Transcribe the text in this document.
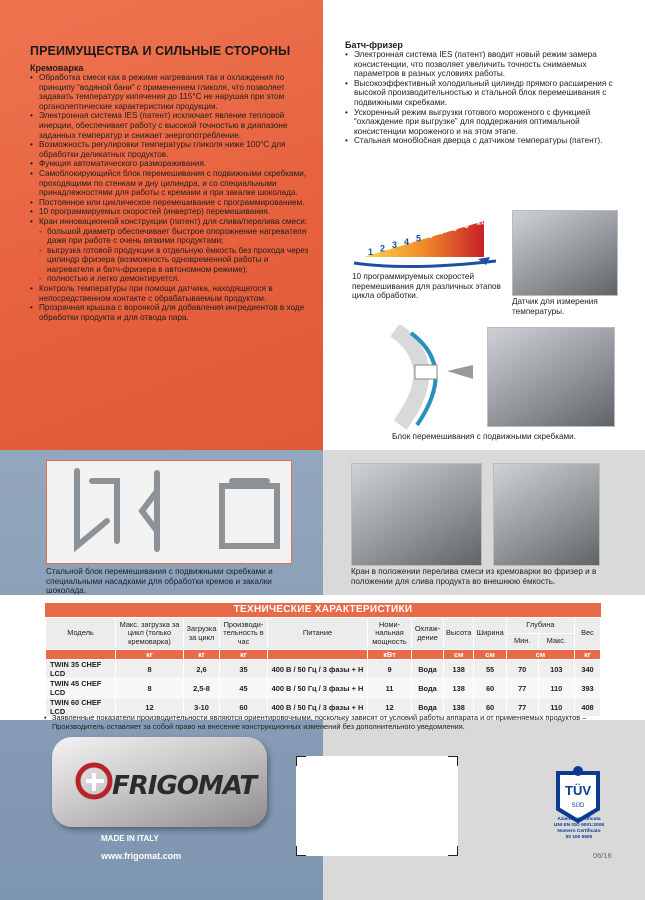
ПРЕИМУЩЕСТВА И СИЛЬНЫЕ СТОРОНЫ
Кремоварка
• Обработка смеси как в режиме нагревания так и охлаждения по принципу “водяной бани” с применением гликоля, что позволяет задавать температуру кипячения до 115°С не нарушая при этом органолептические характеристики продукции.
• Электронная система IES (патент) исключает явление тепловой инерции, обеспечивает работу с высокой точностью в диапазоне заданных температур и снижает энергопотребление.
• Возможность регулировки температуры гликоля ниже 100°С для обработки деликатных продуктов.
• Функция автоматического размораживания.
• Самоблокирующийся блок перемешивания с подвижными скребками, проходящими по стенкам и дну цилиндра, и со специальными принадлежностями для работы с кремами и при закалке шоколада.
• Постоянное или циклическое перемешивание с программированием.
• 10 программируемых скоростей (инвертер) перемешивания.
• Кран инновационной конструкции (патент) для слива/перелива смеси:
- большой диаметр обеспечивает быстрое опорожнение нагревателя даже при работе с очень вязкими продуктами;
- выгрузка готовой продукции в отдельную ёмкость без прохода через цилиндр фризера (возможность одновременной работы и нагревателя и батч-фризера в автономном режиме);
- полностью и легко демонтируется.
• Контроль температуры при помощи датчика, находящегося в непосредственном контакте с обрабатываемым продуктом.
• Прозрачная крышка с воронкой для добавления ингредиентов в ходе обработки продукта и для отвода пара.
Батч-фризер
• Электронная система IES (патент) вводит новый режим замера консистенции, что позволяет увеличить точность снимаемых параметров в разных условиях работы.
• Высокоэффективный холодильный цилиндр прямого расширения с высокой производительностью и стальной блок перемешивания с подвижными скребками.
• Ускоренный режим выгрузки готового мороженого с функцией “охлаждение при выгрузке” для поддержания оптимальной консистенции мороженого и на этом этапе.
• Стальная монобločная дверца с датчиком температуры (патент).
1 2 3 4 5 6 7 8 9 10
10 программируемых скоростей перемешивания для различных этапов цикла обработки.
Датчик для измерения температуры.
Блок перемешивания с подвижными скребками.
Стальной блок перемешивания с подвижными скребками и специальными насадками для обработки кремов и закалки шоколада.
Кран в положении перелива смеси из кремоварки во фризер и в положении для слива продукта во внешнюю ёмкость.
ТЕХНИЧЕСКИЕ ХАРАКТЕРИСТИКИ
Модель	Макс. загрузка за цикл (только кремоварка)	Загрузка за цикл	Производи- тельность в час	Питание	Номи- нальная мощность	Охлаж- дение	Высота	Ширина	Глубина		Вес
									Мин.	Макс.	
	кг	кг	кг		кВт		см	см	см		кг
TWIN 35 CHEF LCD	8	2,6	35	400 В / 50 Гц / 3 фазы + Н	9	Вода	138	55	70	103	340
TWIN 45 CHEF LCD	8	2,5-8	45	400 В / 50 Гц / 3 фазы + Н	11	Вода	138	60	77	110	393
TWIN 60 CHEF LCD	12	3-10	60	400 В / 50 Гц / 3 фазы + Н	12	Вода	138	60	77	110	408
• Заявленные показатели производительности являются ориентировочными, поскольку зависят от условий работы аппарата и от применяемых продуктов – Производитель оставляет за собой право на внесение конструкционных изменений без дополнительного уведомления.
FRIGOMAT
MADE IN ITALY
www.frigomat.com
TÜV
SÜD
Azienda Certificata
UNI EN ISO 9001:2008
Numero Certificato
50 100 5600
06/16
